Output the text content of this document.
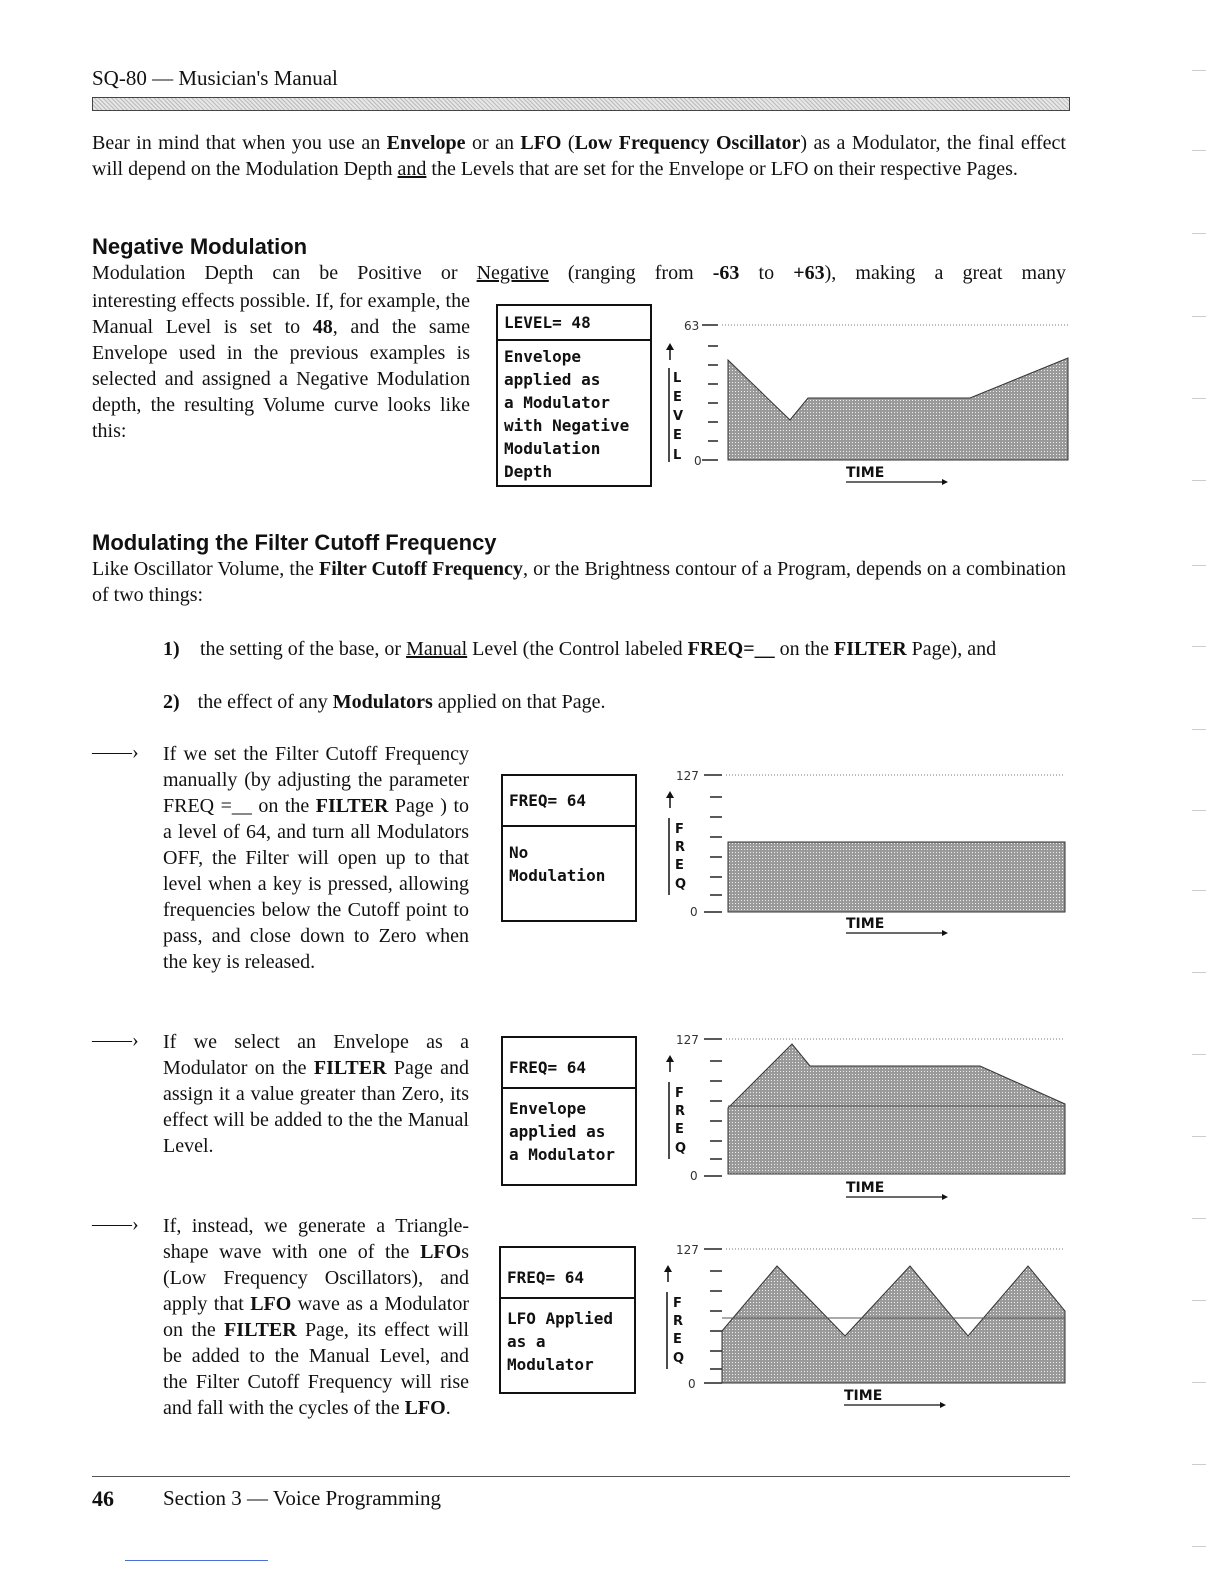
SQ-80 — Musician's Manual
Bear in mind that when you use an Envelope or an LFO (Low Frequency Oscillator) as a Modulator, the final effect will depend on the Modulation Depth and the Levels that are set for the Envelope or LFO on their respective Pages.
Negative Modulation
Modulation Depth can be Positive or Negative (ranging from -63 to +63), making a great many
interesting effects possible. If, for example, the Manual Level is set to 48, and the same Envelope used in the previous examples is selected and assigned a Negative Modulation depth, the resulting Volume curve looks like this:
LEVEL= 48
Envelope
applied as
a Modulator
with Negative
Modulation
Depth
63
0
L
E
V
E
L
TIME
Modulating the Filter Cutoff Frequency
Like Oscillator Volume, the Filter Cutoff Frequency, or the Brightness contour of a Program, depends on a combination of two things:
1)	the setting of the base, or Manual Level (the Control labeled FREQ=__ on the FILTER Page), and
2) the effect of any Modulators applied on that Page.
——› If we set the Filter Cutoff Frequency manually (by adjusting the parameter FREQ =__ on the FILTER Page ) to a level of 64, and turn all Modulators OFF, the Filter will open up to that level when a key is pressed, allowing frequencies below the Cutoff point to pass, and close down to Zero when the key is released.
FREQ= 64
No
Modulation
127
0
F
R
E
Q
TIME
——› If we select an Envelope as a Modulator on the FILTER Page and assign it a value greater than Zero, its effect will be added to the the Manual Level.
FREQ= 64
Envelope
applied as
a Modulator
127
0
F
R
E
Q
TIME
——› If, instead, we generate a Triangle-shape wave with one of the LFOs (Low Frequency Oscillators), and apply that LFO wave as a Modulator on the FILTER Page, its effect will be added to the Manual Level, and the Filter Cutoff Frequency will rise and fall with the cycles of the LFO.
FREQ= 64
LFO Applied
as a
Modulator
127
0
F
R
E
Q
TIME
46 Section 3 — Voice Programming
